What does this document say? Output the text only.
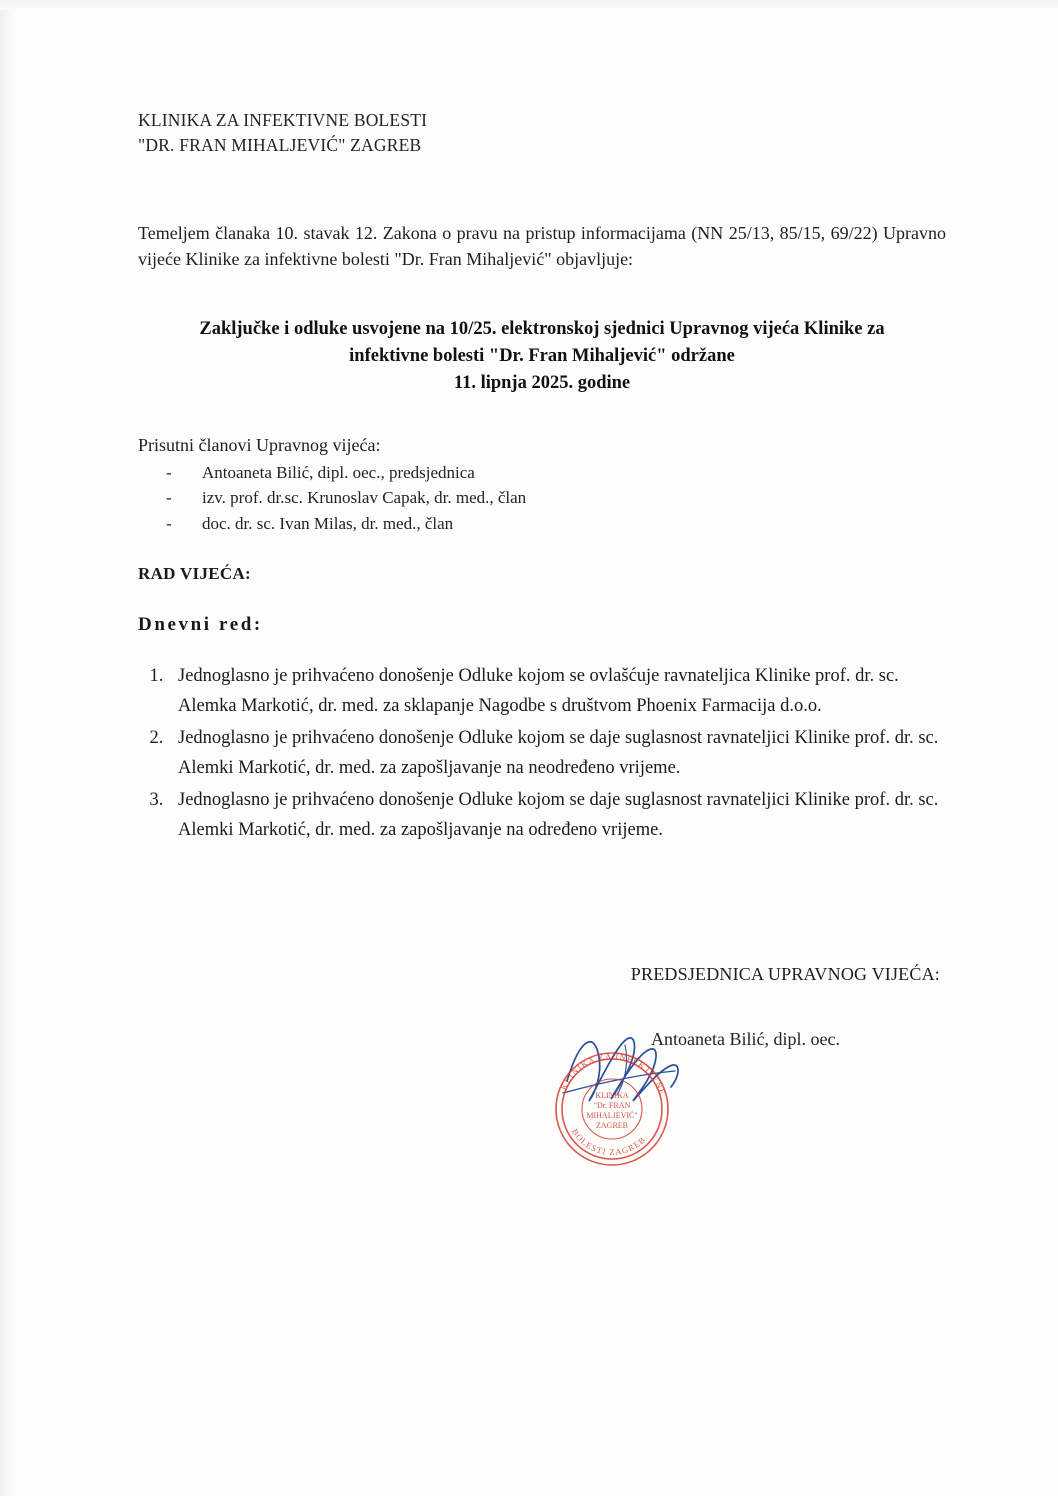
KLINIKA ZA INFEKTIVNE BOLESTI
"DR. FRAN MIHALJEVIĆ" ZAGREB

Temeljem članaka 10. stavak 12. Zakona o pravu na pristup informacijama (NN 25/13, 85/15, 69/22) Upravno vijeće Klinike za infektivne bolesti "Dr. Fran Mihaljević" objavljuje:

Zaključke i odluke usvojene na 10/25. elektronskoj sjednici Upravnog vijeća Klinike za
infektivne bolesti "Dr. Fran Mihaljević" održane
11. lipnja 2025. godine
Prisutni članovi Upravnog vijeća:
- Antoaneta Bilić, dipl. oec., predsjednica
- izv. prof. dr.sc. Krunoslav Capak, dr. med., član
- doc. dr. sc. Ivan Milas, dr. med., član
RAD VIJEĆA:
Dnevni red:
1. Jednoglasno je prihvaćeno donošenje Odluke kojom se ovlašćuje ravnateljica Klinike prof. dr. sc. Alemka Markotić, dr. med. za sklapanje Nagodbe s društvom Phoenix Farmacija d.o.o.
2. Jednoglasno je prihvaćeno donošenje Odluke kojom se daje suglasnost ravnateljici Klinike prof. dr. sc. Alemki Markotić, dr. med. za zapošljavanje na neodređeno vrijeme.
3. Jednoglasno je prihvaćeno donošenje Odluke kojom se daje suglasnost ravnateljici Klinike prof. dr. sc. Alemki Markotić, dr. med. za zapošljavanje na određeno vrijeme.
PREDSJEDNICA UPRAVNOG VIJEĆA:
Antoaneta Bilić, dipl. oec.
KLINIKA ZA INFEKTIVNE
BOLESTI ZAGREB
KLINIKA
"Dr. FRAN
MIHALJEVIĆ"
ZAGREB
